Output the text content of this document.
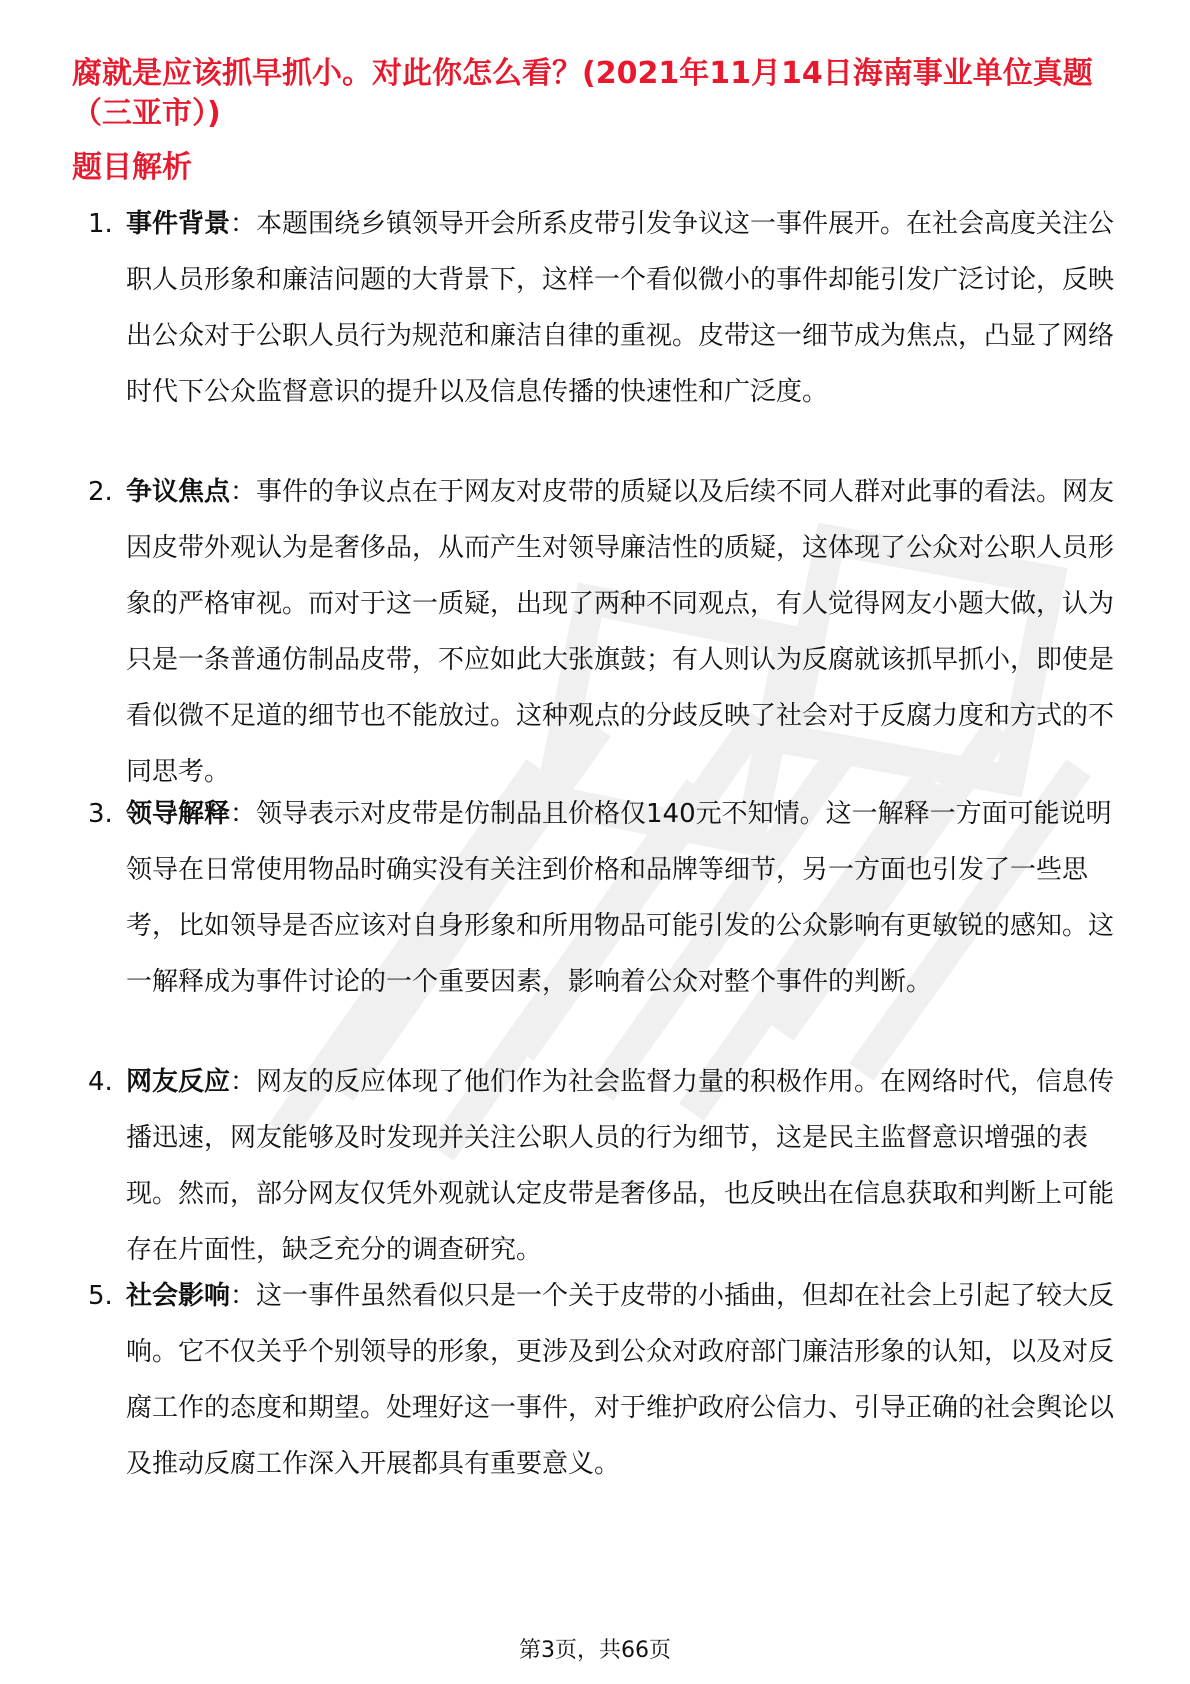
腐就是应该抓早抓小。对此你怎么看？(2021年11月14日海南事业单位真题（三亚市）)
题目解析
1. 事件背景：本题围绕乡镇领导开会所系皮带引发争议这一事件展开。在社会高度关注公职人员形象和廉洁问题的大背景下，这样一个看似微小的事件却能引发广泛讨论，反映出公众对于公职人员行为规范和廉洁自律的重视。皮带这一细节成为焦点，凸显了网络时代下公众监督意识的提升以及信息传播的快速性和广泛度。

2. 争议焦点：事件的争议点在于网友对皮带的质疑以及后续不同人群对此事的看法。网友因皮带外观认为是奢侈品，从而产生对领导廉洁性的质疑，这体现了公众对公职人员形象的严格审视。而对于这一质疑，出现了两种不同观点，有人觉得网友小题大做，认为只是一条普通仿制品皮带，不应如此大张旗鼓；有人则认为反腐就该抓早抓小，即使是看似微不足道的细节也不能放过。这种观点的分歧反映了社会对于反腐力度和方式的不同思考。

3. 领导解释：领导表示对皮带是仿制品且价格仅140元不知情。这一解释一方面可能说明领导在日常使用物品时确实没有关注到价格和品牌等细节，另一方面也引发了一些思考，比如领导是否应该对自身形象和所用物品可能引发的公众影响有更敏锐的感知。这一解释成为事件讨论的一个重要因素，影响着公众对整个事件的判断。

4. 网友反应：网友的反应体现了他们作为社会监督力量的积极作用。在网络时代，信息传播迅速，网友能够及时发现并关注公职人员的行为细节，这是民主监督意识增强的表现。然而，部分网友仅凭外观就认定皮带是奢侈品，也反映出在信息获取和判断上可能存在片面性，缺乏充分的调查研究。

5. 社会影响：这一事件虽然看似只是一个关于皮带的小插曲，但却在社会上引起了较大反响。它不仅关乎个别领导的形象，更涉及到公众对政府部门廉洁形象的认知，以及对反腐工作的态度和期望。处理好这一事件，对于维护政府公信力、引导正确的社会舆论以及推动反腐工作深入开展都具有重要意义。

第3页，共66页
